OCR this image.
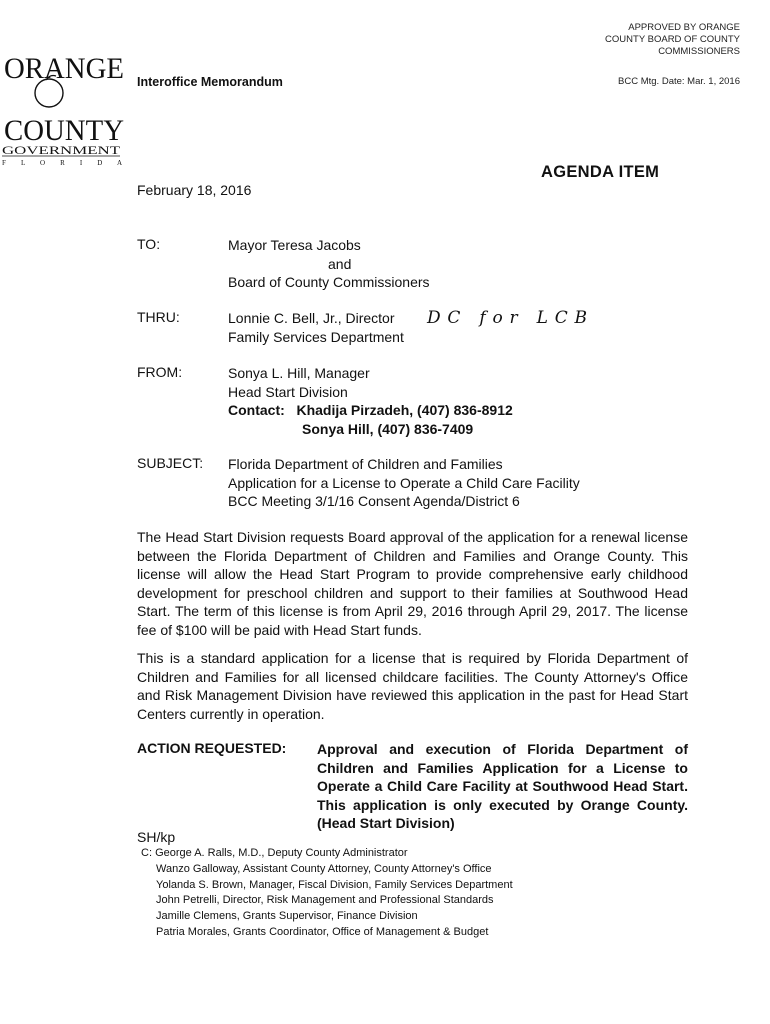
APPROVED BY ORANGE
COUNTY BOARD OF COUNTY
COMMISSIONERS
BCC Mtg. Date: Mar. 1, 2016
ORANGE
COUNTY
GOVERNMENT
F L O R I D A
Interoffice Memorandum
AGENDA ITEM
February 18, 2016
TO:	Mayor Teresa Jacobs
and
Board of County Commissioners
THRU:	Lonnie C. Bell, Jr., Director
Family Services Department
DC for LCB
FROM:	Sonya L. Hill, Manager
Head Start Division
Contact: Khadija Pirzadeh, (407) 836-8912
Sonya Hill, (407) 836-7409
SUBJECT: Florida Department of Children and Families
Application for a License to Operate a Child Care Facility
BCC Meeting 3/1/16 Consent Agenda/District 6
The Head Start Division requests Board approval of the application for a renewal license between the Florida Department of Children and Families and Orange County. This license will allow the Head Start Program to provide comprehensive early childhood development for preschool children and support to their families at Southwood Head Start. The term of this license is from April 29, 2016 through April 29, 2017. The license fee of $100 will be paid with Head Start funds.
This is a standard application for a license that is required by Florida Department of Children and Families for all licensed childcare facilities. The County Attorney's Office and Risk Management Division have reviewed this application in the past for Head Start Centers currently in operation.
ACTION REQUESTED: Approval and execution of Florida Department of Children and Families Application for a License to Operate a Child Care Facility at Southwood Head Start. This application is only executed by Orange County. (Head Start Division)
SH/kp
C: George A. Ralls, M.D., Deputy County Administrator
Wanzo Galloway, Assistant County Attorney, County Attorney's Office
Yolanda S. Brown, Manager, Fiscal Division, Family Services Department
John Petrelli, Director, Risk Management and Professional Standards
Jamille Clemens, Grants Supervisor, Finance Division
Patria Morales, Grants Coordinator, Office of Management & Budget
